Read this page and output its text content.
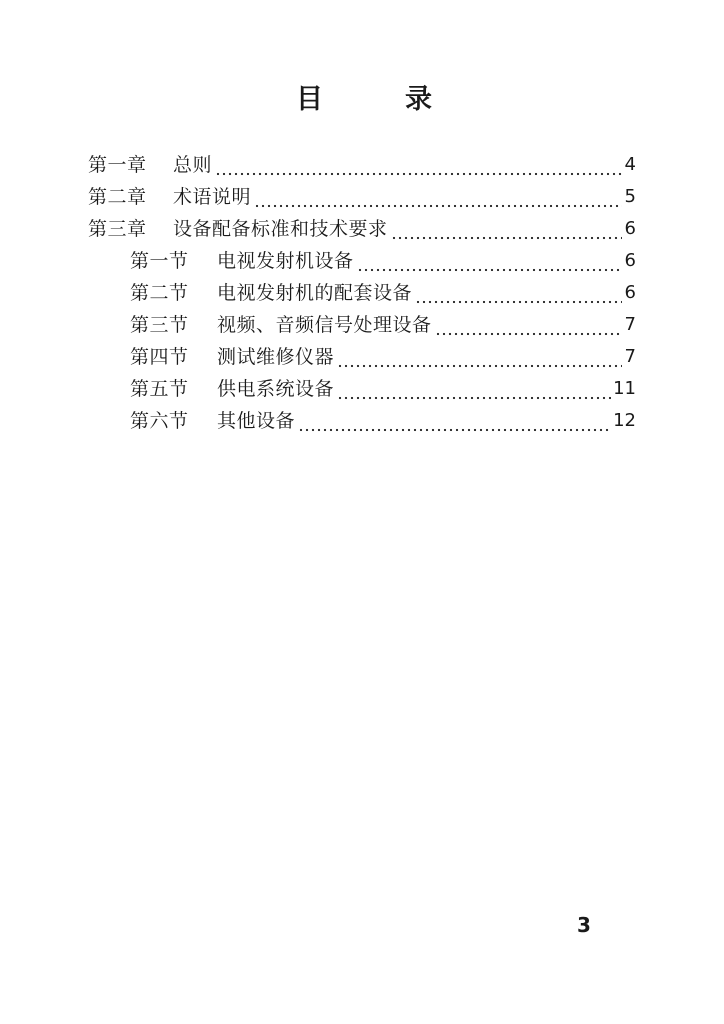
目	录
第一章	总则	4
第二章	术语说明	5
第三章	设备配备标准和技术要求	6
第一节	电视发射机设备	6
第二节	电视发射机的配套设备	6
第三节	视频、音频信号处理设备	7
第四节	测试维修仪器	7
第五节	供电系统设备	11
第六节	其他设备	12
3
